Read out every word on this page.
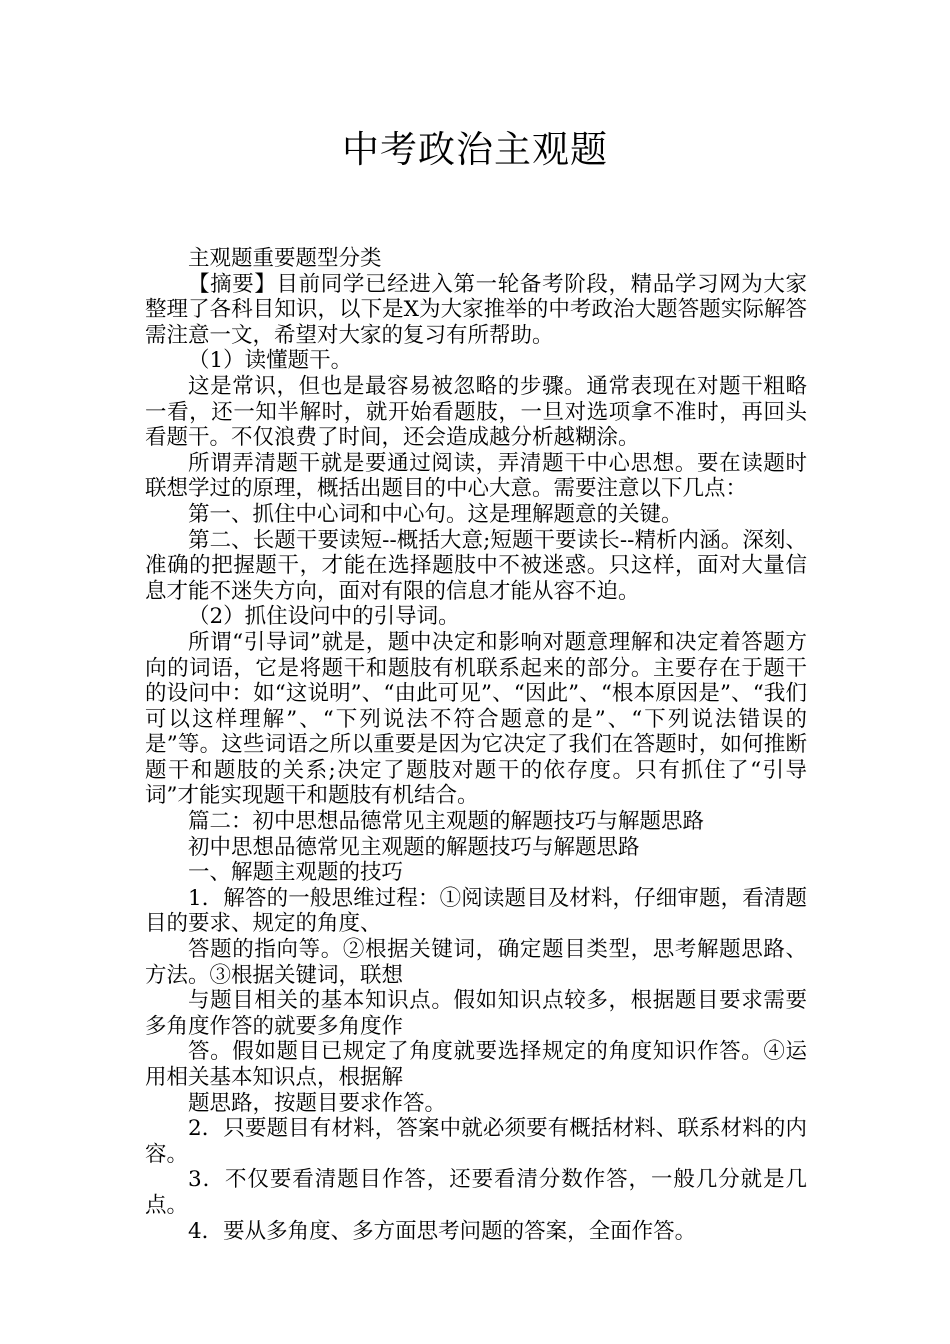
中考政治主观题

主观题重要题型分类

【摘要】目前同学已经进入第一轮备考阶段，精品学习网为大家整理了各科目知识，以下是X为大家推举的中考政治大题答题实际解答需注意一文，希望对大家的复习有所帮助。

（1）读懂题干。

这是常识，但也是最容易被忽略的步骤。通常表现在对题干粗略一看，还一知半解时，就开始看题肢，一旦对选项拿不准时，再回头看题干。不仅浪费了时间，还会造成越分析越糊涂。

所谓弄清题干就是要通过阅读，弄清题干中心思想。要在读题时联想学过的原理，概括出题目的中心大意。需要注意以下几点：

第一、抓住中心词和中心句。这是理解题意的关键。

第二、长题干要读短--概括大意;短题干要读长--精析内涵。深刻、准确的把握题干，才能在选择题肢中不被迷惑。只这样，面对大量信息才能不迷失方向，面对有限的信息才能从容不迫。

（2）抓住设问中的引导词。

所谓“引导词”就是，题中决定和影响对题意理解和决定着答题方向的词语，它是将题干和题肢有机联系起来的部分。主要存在于题干的设问中：如“这说明”、“由此可见”、“因此”、“根本原因是”、“我们可以这样理解”、“下列说法不符合题意的是”、“下列说法错误的是”等。这些词语之所以重要是因为它决定了我们在答题时，如何推断题干和题肢的关系;决定了题肢对题干的依存度。只有抓住了“引导词”才能实现题干和题肢有机结合。

篇二：初中思想品德常见主观题的解题技巧与解题思路

初中思想品德常见主观题的解题技巧与解题思路

一、解题主观题的技巧

1．解答的一般思维过程：①阅读题目及材料，仔细审题，看清题目的要求、规定的角度、

答题的指向等。②根据关键词，确定题目类型，思考解题思路、方法。③根据关键词，联想

与题目相关的基本知识点。假如知识点较多，根据题目要求需要多角度作答的就要多角度作

答。假如题目已规定了角度就要选择规定的角度知识作答。④运用相关基本知识点，根据解

题思路，按题目要求作答。

2．只要题目有材料，答案中就必须要有概括材料、联系材料的内容。

3．不仅要看清题目作答，还要看清分数作答，一般几分就是几点。

4．要从多角度、多方面思考问题的答案，全面作答。
